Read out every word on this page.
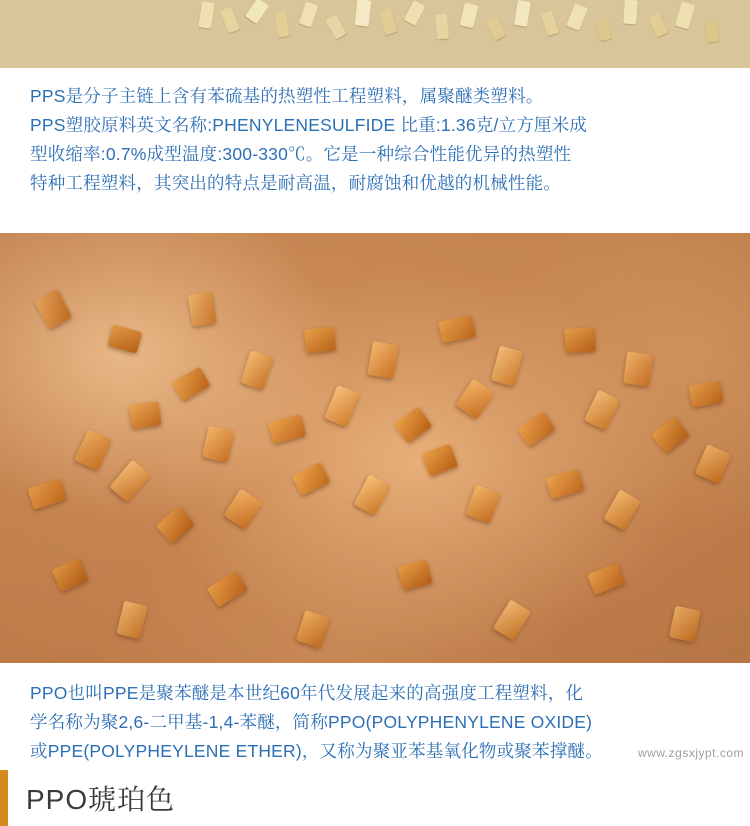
PPS是分子主链上含有苯硫基的热塑性工程塑料，属聚醚类塑料。

PPS塑胶原料英文名称:PHENYLENESULFIDE 比重:1.36克/立方厘米成

型收缩率:0.7%成型温度:300-330℃。它是一种综合性能优异的热塑性

特种工程塑料，其突出的特点是耐高温，耐腐蚀和优越的机械性能。

PPO琥珀色

PPO也叫PPE是聚苯醚是本世纪60年代发展起来的高强度工程塑料，化

学名称为聚2,6-二甲基-1,4-苯醚，简称PPO(POLYPHENYLENE OXIDE)

或PPE(POLYPHEYLENE ETHER)，又称为聚亚苯基氧化物或聚苯撑醚。	www.zgsxjypt.com
